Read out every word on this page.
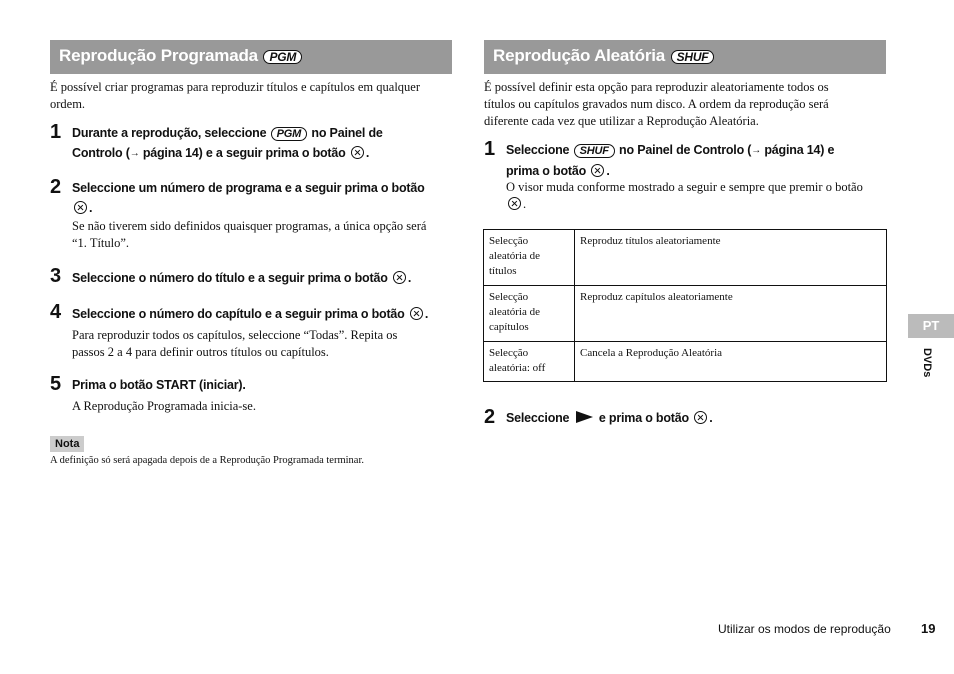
Reprodução Programada PGM
É possível criar programas para reproduzir títulos e capítulos em qualquer ordem.
1 Durante a reprodução, seleccione PGM no Painel de
Controlo (→ página 14) e a seguir prima o botão .
2 Seleccione um número de programa e a seguir prima o botão
.
Se não tiverem sido definidos quaisquer programas, a única opção será
“1. Título”.
3 Seleccione o número do título e a seguir prima o botão .
4 Seleccione o número do capítulo e a seguir prima o botão .
Para reproduzir todos os capítulos, seleccione “Todas”. Repita os
passos 2 a 4 para definir outros títulos ou capítulos.
5 Prima o botão START (iniciar).
A Reprodução Programada inicia-se.
Nota
A definição só será apagada depois de a Reprodução Programada terminar.
Reprodução Aleatória SHUF
É possível definir esta opção para reproduzir aleatoriamente todos os
títulos ou capítulos gravados num disco. A ordem da reprodução será
diferente cada vez que utilizar a Reprodução Aleatória.
1 Seleccione SHUF no Painel de Controlo (→ página 14) e
prima o botão .
O visor muda conforme mostrado a seguir e sempre que premir o botão
.
Selecção
aleatória de
títulos	Reproduz títulos aleatoriamente
Selecção
aleatória de
capítulos	Reproduz capítulos aleatoriamente
Selecção
aleatória: off	Cancela a Reprodução Aleatória
2 Seleccione e prima o botão .
PT
DVDs
Utilizar os modos de reprodução 19
